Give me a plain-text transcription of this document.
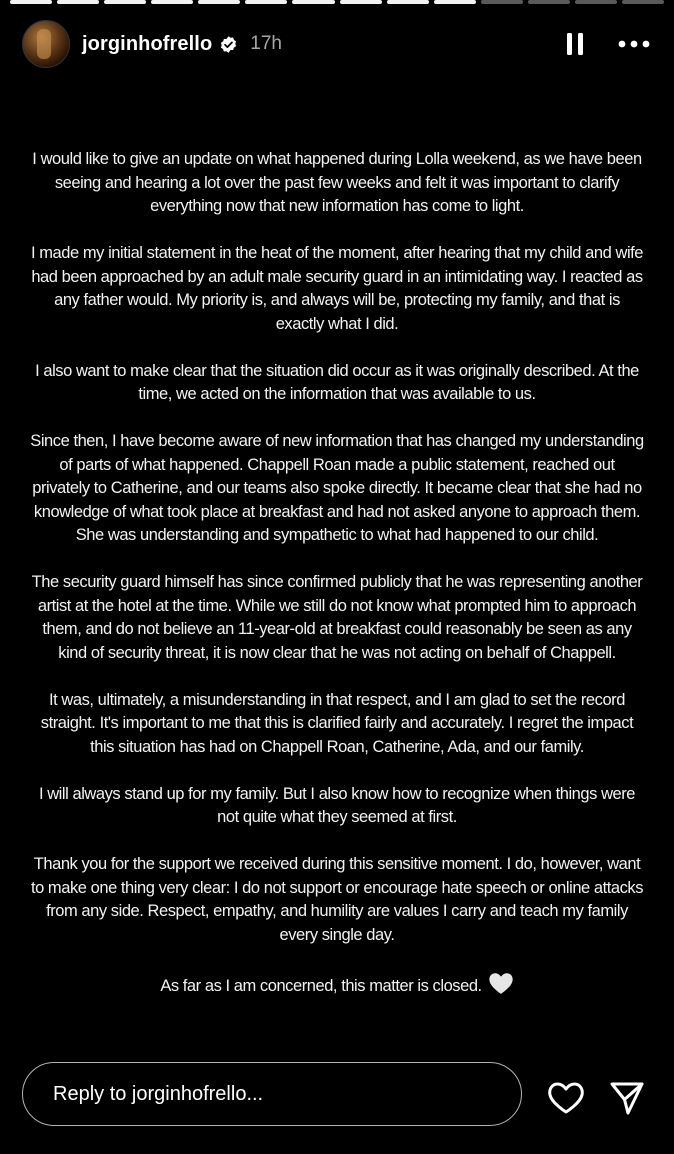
jorginhofrello 17h

I would like to give an update on what happened during Lolla weekend, as we have been seeing and hearing a lot over the past few weeks and felt it was important to clarify everything now that new information has come to light.

I made my initial statement in the heat of the moment, after hearing that my child and wife had been approached by an adult male security guard in an intimidating way. I reacted as any father would. My priority is, and always will be, protecting my family, and that is exactly what I did.

I also want to make clear that the situation did occur as it was originally described. At the time, we acted on the information that was available to us.

Since then, I have become aware of new information that has changed my understanding of parts of what happened. Chappell Roan made a public statement, reached out privately to Catherine, and our teams also spoke directly. It became clear that she had no knowledge of what took place at breakfast and had not asked anyone to approach them. She was understanding and sympathetic to what had happened to our child.

The security guard himself has since confirmed publicly that he was representing another artist at the hotel at the time. While we still do not know what prompted him to approach them, and do not believe an 11-year-old at breakfast could reasonably be seen as any kind of security threat, it is now clear that he was not acting on behalf of Chappell.

It was, ultimately, a misunderstanding in that respect, and I am glad to set the record straight. It's important to me that this is clarified fairly and accurately. I regret the impact this situation has had on Chappell Roan, Catherine, Ada, and our family.

I will always stand up for my family. But I also know how to recognize when things were not quite what they seemed at first.

Thank you for the support we received during this sensitive moment. I do, however, want to make one thing very clear: I do not support or encourage hate speech or online attacks from any side. Respect, empathy, and humility are values I carry and teach my family every single day.

As far as I am concerned, this matter is closed.

Reply to jorginhofrello...
